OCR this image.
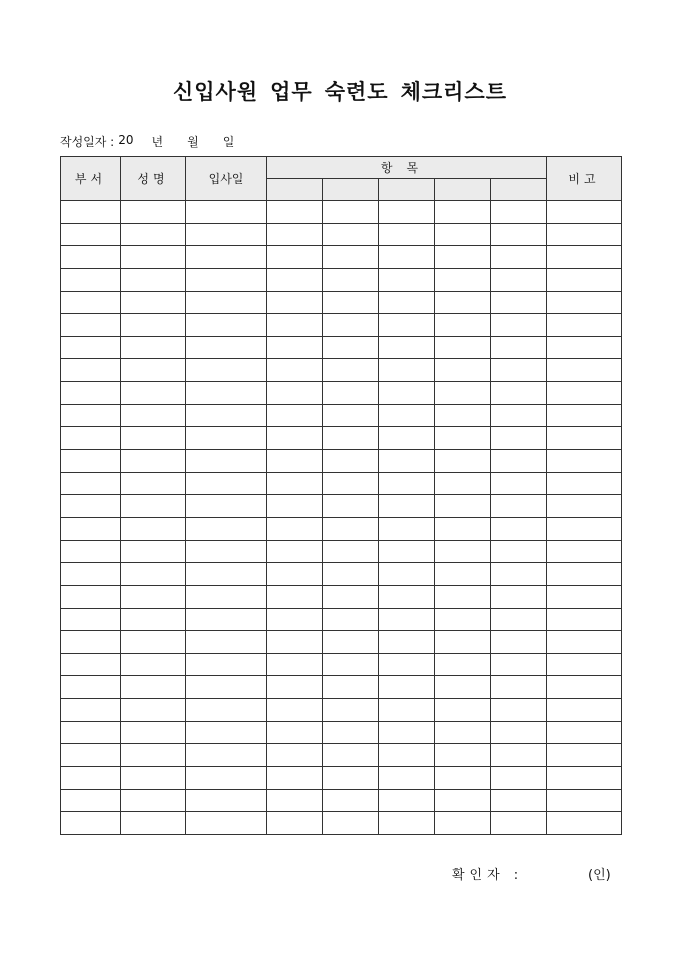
신입사원 업무 숙련도 체크리스트
작성일자 : 20 년 월 일
부서	성명	입사일	항목					비고

확인자 :	(인)
